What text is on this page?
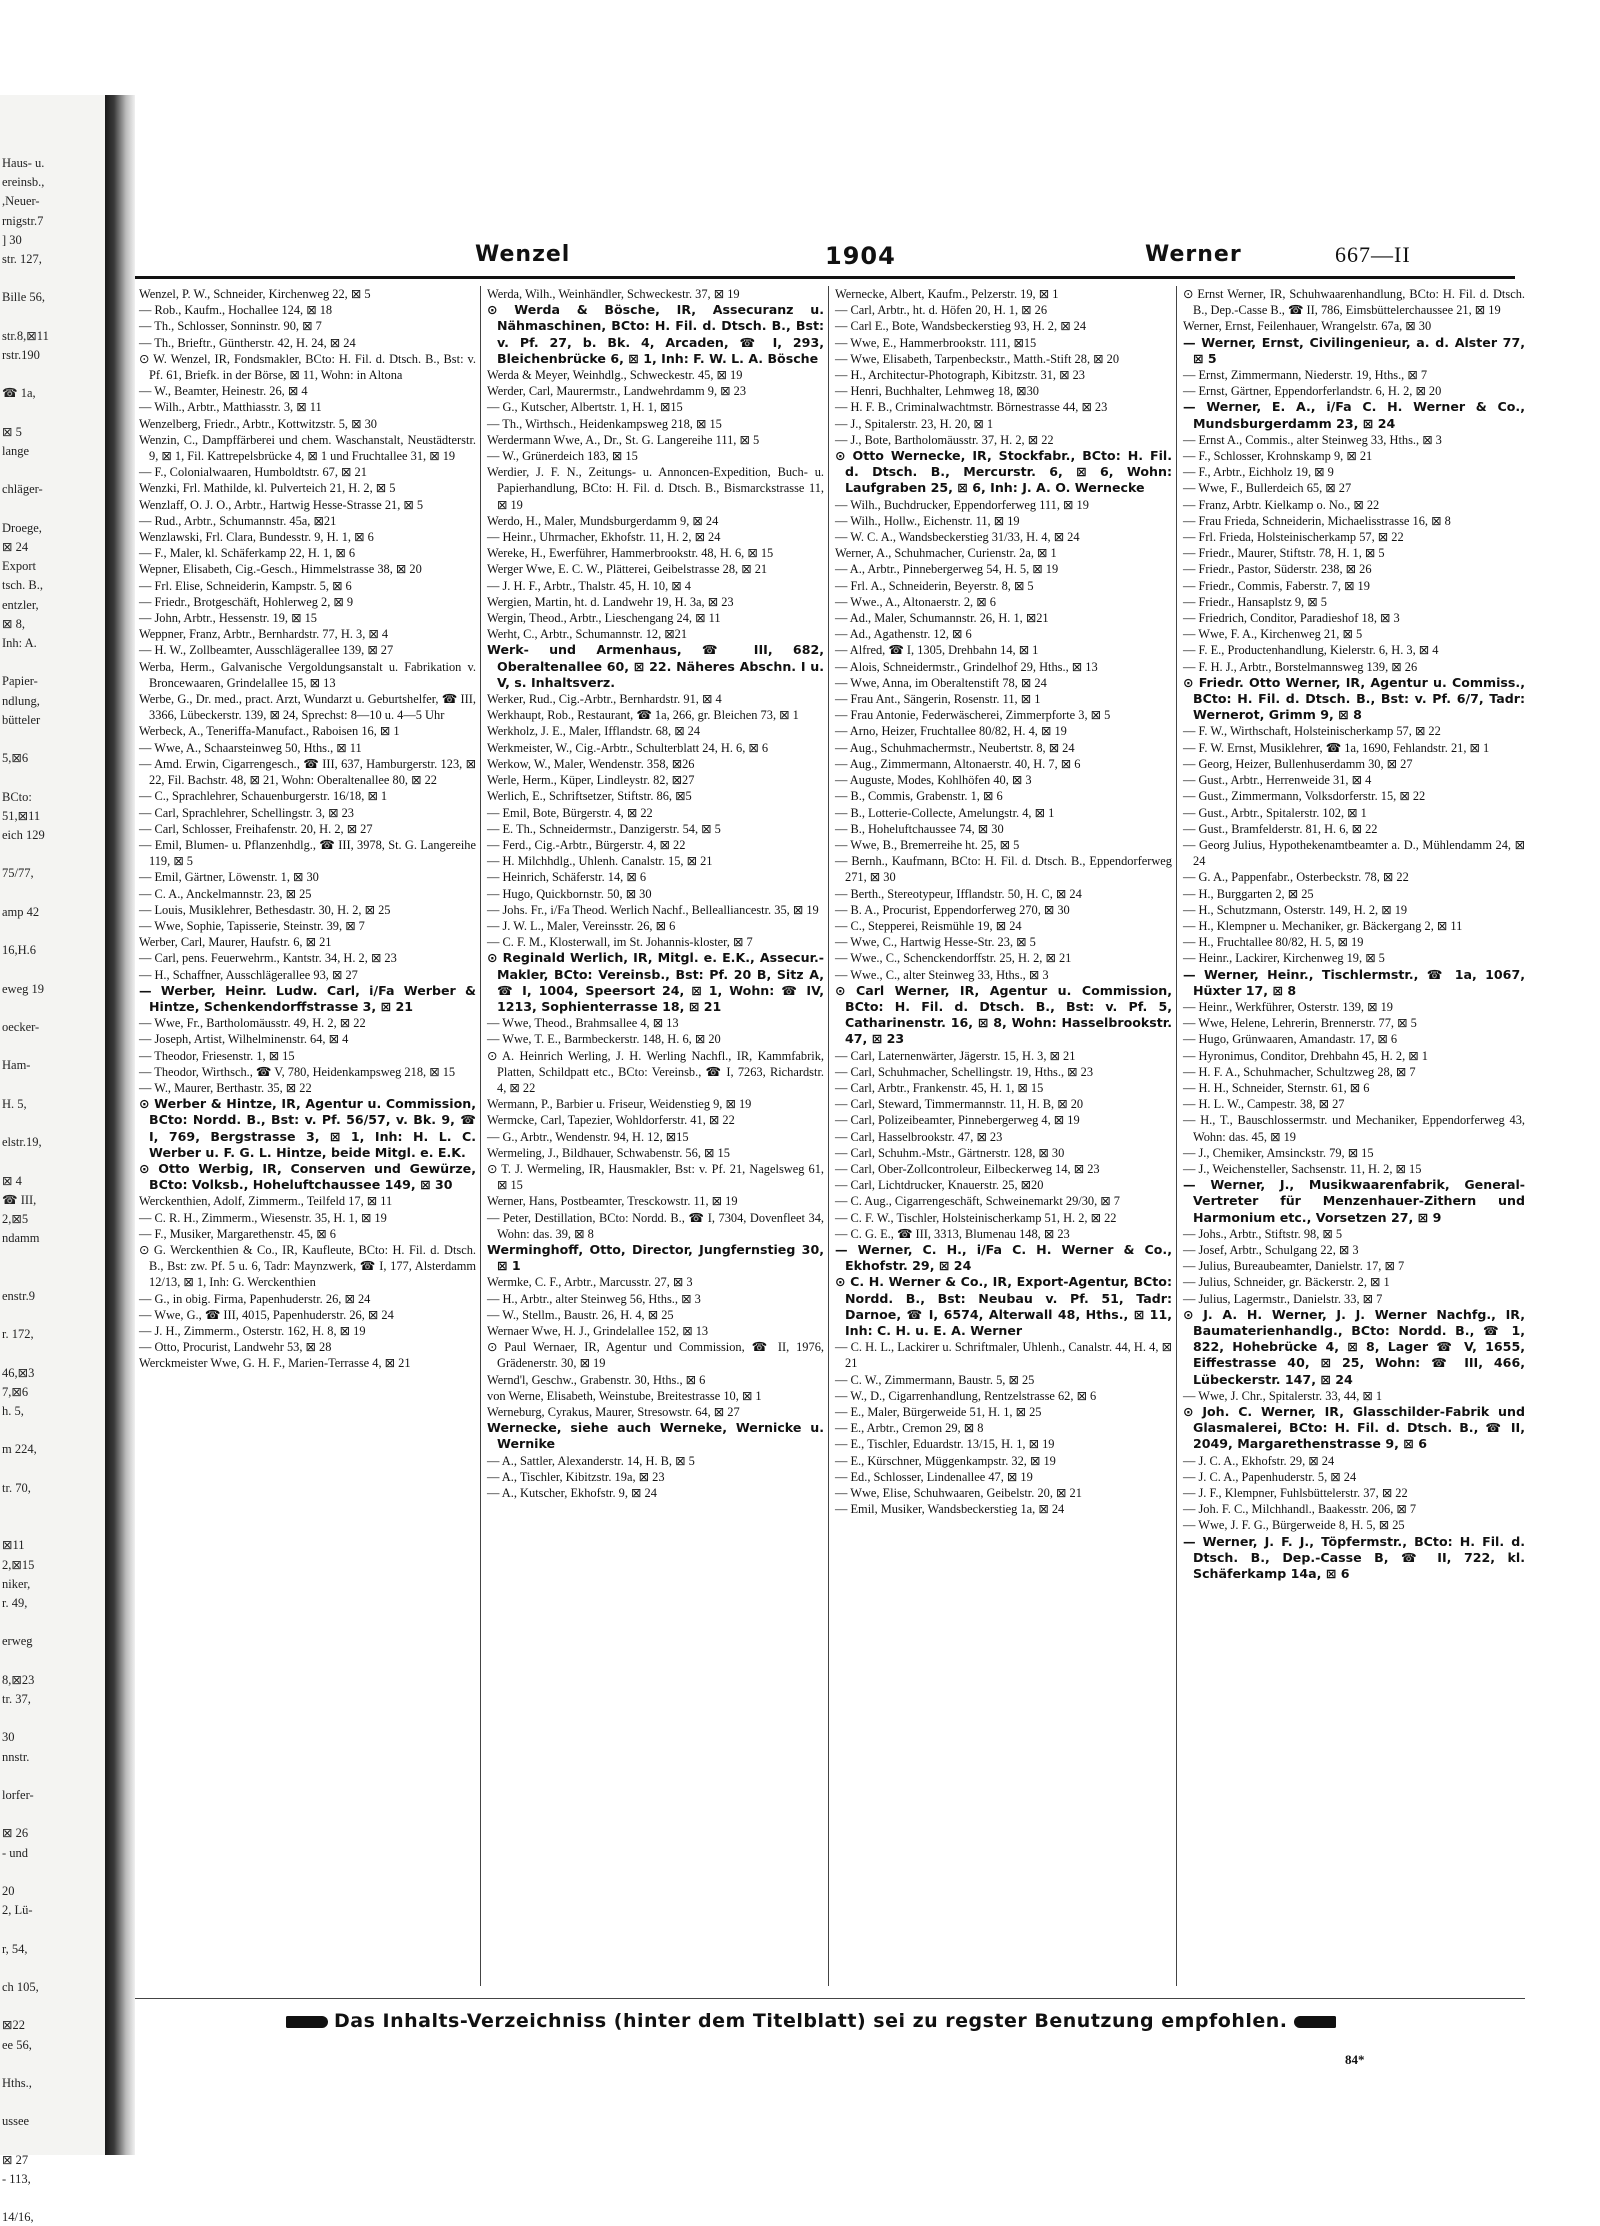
Haus- u.
ereinsb.,
,Neuer-
rnigstr.7
] 30
str. 127,
Bille 56,
str.8,⊠11
rstr.190
☎ 1a,
⊠ 5
lange
chläger-
Droege,
⊠ 24
Export
tsch. B.,
entzler,
⊠ 8,
Inh: A.
Papier-
ndlung,
bütteler
5,⊠6
BCto:
51,⊠11
eich 129
75/77,
amp 42
16,H.6
eweg 19
oecker-
Ham-
H. 5,
elstr.19,
⊠ 4
☎ III,
2,⊠5
ndamm
enstr.9
r. 172,
46,⊠3
7,⊠6
h. 5,
m 224,
tr. 70,
⊠11
2,⊠15
niker,
r. 49,
erweg
8,⊠23
tr. 37,
30
nnstr.
lorfer-
⊠ 26
- und
20
2, Lü-
r, 54,
ch 105,
⊠22
ee 56,
Hths.,
ussee
⊠ 27
- 113,
14/16,
Wenzel	1904	Werner	667—II
Wenzel, P. W., Schneider, Kirchenweg 22, ⊠ 5
— Rob., Kaufm., Hochallee 124, ⊠ 18
— Th., Schlosser, Sonninstr. 90, ⊠ 7
— Th., Brieftr., Güntherstr. 42, H. 24, ⊠ 24
⊙ W. Wenzel, IR, Fondsmakler, BCto: H. Fil. d. Dtsch. B., Bst: v. Pf. 61, Briefk. in der Börse, ⊠ 11, Wohn: in Altona
— W., Beamter, Heinestr. 26, ⊠ 4
— Wilh., Arbtr., Matthiasstr. 3, ⊠ 11
Wenzelberg, Friedr., Arbtr., Kottwitzstr. 5, ⊠ 30
Wenzin, C., Dampffärberei und chem. Waschanstalt, Neustädterstr. 9, ⊠ 1, Fil. Kattrepelsbrücke 4, ⊠ 1 und Fruchtallee 31, ⊠ 19
— F., Colonialwaaren, Humboldtstr. 67, ⊠ 21
Wenzki, Frl. Mathilde, kl. Pulverteich 21, H. 2, ⊠ 5
Wenzlaff, O. J. O., Arbtr., Hartwig Hesse-Strasse 21, ⊠ 5
— Rud., Arbtr., Schumannstr. 45a, ⊠21
Wenzlawski, Frl. Clara, Bundesstr. 9, H. 1, ⊠ 6
— F., Maler, kl. Schäferkamp 22, H. 1, ⊠ 6
Wepner, Elisabeth, Cig.-Gesch., Himmelstrasse 38, ⊠ 20
— Frl. Elise, Schneiderin, Kampstr. 5, ⊠ 6
— Friedr., Brotgeschäft, Hohlerweg 2, ⊠ 9
— John, Arbtr., Hessenstr. 19, ⊠ 15
Weppner, Franz, Arbtr., Bernhardstr. 77, H. 3, ⊠ 4
— H. W., Zollbeamter, Ausschlägerallee 139, ⊠ 27
Werba, Herm., Galvanische Vergoldungsanstalt u. Fabrikation v. Broncewaaren, Grindelallee 15, ⊠ 13
Werbe, G., Dr. med., pract. Arzt, Wundarzt u. Geburtshelfer, ☎ III, 3366, Lübeckerstr. 139, ⊠ 24, Sprechst: 8—10 u. 4—5 Uhr
Werbeck, A., Teneriffa-Manufact., Raboisen 16, ⊠ 1
— Wwe, A., Schaarsteinweg 50, Hths., ⊠ 11
— Amd. Erwin, Cigarrengesch., ☎ III, 637, Hamburgerstr. 123, ⊠ 22, Fil. Bachstr. 48, ⊠ 21, Wohn: Oberaltenallee 80, ⊠ 22
— C., Sprachlehrer, Schauenburgerstr. 16/18, ⊠ 1
— Carl, Sprachlehrer, Schellingstr. 3, ⊠ 23
— Carl, Schlosser, Freihafenstr. 20, H. 2, ⊠ 27
— Emil, Blumen- u. Pflanzenhdlg., ☎ III, 3978, St. G. Langereihe 119, ⊠ 5
— Emil, Gärtner, Löwenstr. 1, ⊠ 30
— C. A., Anckelmannstr. 23, ⊠ 25
— Louis, Musiklehrer, Bethesdastr. 30, H. 2, ⊠ 25
— Wwe, Sophie, Tapisserie, Steinstr. 39, ⊠ 7
Werber, Carl, Maurer, Haufstr. 6, ⊠ 21
— Carl, pens. Feuerwehrm., Kantstr. 34, H. 2, ⊠ 23
— H., Schaffner, Ausschlägerallee 93, ⊠ 27
— Werber, Heinr. Ludw. Carl, i/Fa Werber & Hintze, Schenkendorffstrasse 3, ⊠ 21
— Wwe, Fr., Bartholomäusstr. 49, H. 2, ⊠ 22
— Joseph, Artist, Wilhelminenstr. 64, ⊠ 4
— Theodor, Friesenstr. 1, ⊠ 15
— Theodor, Wirthsch., ☎ V, 780, Heidenkampsweg 218, ⊠ 15
— W., Maurer, Berthastr. 35, ⊠ 22
⊙ Werber & Hintze, IR, Agentur u. Commission, BCto: Nordd. B., Bst: v. Pf. 56/57, v. Bk. 9, ☎ I, 769, Bergstrasse 3, ⊠ 1, Inh: H. L. C. Werber u. F. G. L. Hintze, beide Mitgl. e. E.K.
⊙ Otto Werbig, IR, Conserven und Gewürze, BCto: Volksb., Hoheluftchaussee 149, ⊠ 30
Werckenthien, Adolf, Zimmerm., Teilfeld 17, ⊠ 11
— C. R. H., Zimmerm., Wiesenstr. 35, H. 1, ⊠ 19
— F., Musiker, Margarethenstr. 45, ⊠ 6
⊙ G. Werckenthien & Co., IR, Kaufleute, BCto: H. Fil. d. Dtsch. B., Bst: zw. Pf. 5 u. 6, Tadr: Maynzwerk, ☎ I, 177, Alsterdamm 12/13, ⊠ 1, Inh: G. Werckenthien
— G., in obig. Firma, Papenhuderstr. 26, ⊠ 24
— Wwe, G., ☎ III, 4015, Papenhuderstr. 26, ⊠ 24
— J. H., Zimmerm., Osterstr. 162, H. 8, ⊠ 19
— Otto, Procurist, Landwehr 53, ⊠ 28
Werckmeister Wwe, G. H. F., Marien-Terrasse 4, ⊠ 21
Werda, Wilh., Weinhändler, Schweckestr. 37, ⊠ 19
⊙ Werda & Bösche, IR, Assecuranz u. Nähmaschinen, BCto: H. Fil. d. Dtsch. B., Bst: v. Pf. 27, b. Bk. 4, Arcaden, ☎ I, 293, Bleichenbrücke 6, ⊠ 1, Inh: F. W. L. A. Bösche
Werda & Meyer, Weinhdlg., Schweckestr. 45, ⊠ 19
Werder, Carl, Maurermstr., Landwehrdamm 9, ⊠ 23
— G., Kutscher, Albertstr. 1, H. 1, ⊠15
— Th., Wirthsch., Heidenkampsweg 218, ⊠ 15
Werdermann Wwe, A., Dr., St. G. Langereihe 111, ⊠ 5
— W., Grünerdeich 183, ⊠ 15
Werdier, J. F. N., Zeitungs- u. Annoncen-Expedition, Buch- u. Papierhandlung, BCto: H. Fil. d. Dtsch. B., Bismarckstrasse 11, ⊠ 19
Werdo, H., Maler, Mundsburgerdamm 9, ⊠ 24
— Heinr., Uhrmacher, Ekhofstr. 11, H. 2, ⊠ 24
Wereke, H., Ewerführer, Hammerbrookstr. 48, H. 6, ⊠ 15
Werger Wwe, E. C. W., Plätterei, Geibelstrasse 28, ⊠ 21
— J. H. F., Arbtr., Thalstr. 45, H. 10, ⊠ 4
Wergien, Martin, ht. d. Landwehr 19, H. 3a, ⊠ 23
Wergin, Theod., Arbtr., Lieschengang 24, ⊠ 11
Werht, C., Arbtr., Schumannstr. 12, ⊠21
Werk- und Armenhaus, ☎ III, 682, Oberaltenallee 60, ⊠ 22. Näheres Abschn. I u. V, s. Inhaltsverz.
Werker, Rud., Cig.-Arbtr., Bernhardstr. 91, ⊠ 4
Werkhaupt, Rob., Restaurant, ☎ 1a, 266, gr. Bleichen 73, ⊠ 1
Werkholz, J. E., Maler, Ifflandstr. 68, ⊠ 24
Werkmeister, W., Cig.-Arbtr., Schulterblatt 24, H. 6, ⊠ 6
Werkow, W., Maler, Wendenstr. 358, ⊠26
Werle, Herm., Küper, Lindleystr. 82, ⊠27
Werlich, E., Schriftsetzer, Stiftstr. 86, ⊠5
— Emil, Bote, Bürgerstr. 4, ⊠ 22
— E. Th., Schneidermstr., Danzigerstr. 54, ⊠ 5
— Ferd., Cig.-Arbtr., Bürgerstr. 4, ⊠ 22
— H. Milchhdlg., Uhlenh. Canalstr. 15, ⊠ 21
— Heinrich, Schäferstr. 14, ⊠ 6
— Hugo, Quickbornstr. 50, ⊠ 30
— Johs. Fr., i/Fa Theod. Werlich Nachf., Bellealliancestr. 35, ⊠ 19
— J. W. L., Maler, Vereinsstr. 26, ⊠ 6
— C. F. M., Klosterwall, im St. Johannis-kloster, ⊠ 7
⊙ Reginald Werlich, IR, Mitgl. e. E.K., Assecur.-Makler, BCto: Vereinsb., Bst: Pf. 20 B, Sitz A, ☎ I, 1004, Speersort 24, ⊠ 1, Wohn: ☎ IV, 1213, Sophienterrasse 18, ⊠ 21
— Wwe, Theod., Brahmsallee 4, ⊠ 13
— Wwe, T. E., Barmbeckerstr. 148, H. 6, ⊠ 20
⊙ A. Heinrich Werling, J. H. Werling Nachfl., IR, Kammfabrik, Platten, Schildpatt etc., BCto: Vereinsb., ☎ I, 7263, Richardstr. 4, ⊠ 22
Wermann, P., Barbier u. Friseur, Weidenstieg 9, ⊠ 19
Wermcke, Carl, Tapezier, Wohldorferstr. 41, ⊠ 22
— G., Arbtr., Wendenstr. 94, H. 12, ⊠15
Wermeling, J., Bildhauer, Schwabenstr. 56, ⊠ 15
⊙ T. J. Wermeling, IR, Hausmakler, Bst: v. Pf. 21, Nagelsweg 61, ⊠ 15
Werner, Hans, Postbeamter, Tresckowstr. 11, ⊠ 19
— Peter, Destillation, BCto: Nordd. B., ☎ I, 7304, Dovenfleet 34, Wohn: das. 39, ⊠ 8
Werminghoff, Otto, Director, Jungfernstieg 30, ⊠ 1
Wermke, C. F., Arbtr., Marcusstr. 27, ⊠ 3
— H., Arbtr., alter Steinweg 56, Hths., ⊠ 3
— W., Stellm., Baustr. 26, H. 4, ⊠ 25
Wernaer Wwe, H. J., Grindelallee 152, ⊠ 13
⊙ Paul Wernaer, IR, Agentur und Commission, ☎ II, 1976, Grädenerstr. 30, ⊠ 19
Wernd'l, Geschw., Grabenstr. 30, Hths., ⊠ 6
von Werne, Elisabeth, Weinstube, Breitestrasse 10, ⊠ 1
Werneburg, Cyrakus, Maurer, Stresowstr. 64, ⊠ 27
Wernecke, siehe auch Werneke, Wernicke u. Wernike
— A., Sattler, Alexanderstr. 14, H. B, ⊠ 5
— A., Tischler, Kibitzstr. 19a, ⊠ 23
— A., Kutscher, Ekhofstr. 9, ⊠ 24
Wernecke, Albert, Kaufm., Pelzerstr. 19, ⊠ 1
— Carl, Arbtr., ht. d. Höfen 20, H. 1, ⊠ 26
— Carl E., Bote, Wandsbeckerstieg 93, H. 2, ⊠ 24
— Wwe, E., Hammerbrookstr. 111, ⊠15
— Wwe, Elisabeth, Tarpenbeckstr., Matth.-Stift 28, ⊠ 20
— H., Architectur-Photograph, Kibitzstr. 31, ⊠ 23
— Henri, Buchhalter, Lehmweg 18, ⊠30
— H. F. B., Criminalwachtmstr. Börnestrasse 44, ⊠ 23
— J., Spitalerstr. 23, H. 20, ⊠ 1
— J., Bote, Bartholomäusstr. 37, H. 2, ⊠ 22
⊙ Otto Wernecke, IR, Stockfabr., BCto: H. Fil. d. Dtsch. B., Mercurstr. 6, ⊠ 6, Wohn: Laufgraben 25, ⊠ 6, Inh: J. A. O. Wernecke
— Wilh., Buchdrucker, Eppendorferweg 111, ⊠ 19
— Wilh., Hollw., Eichenstr. 11, ⊠ 19
— W. C. A., Wandsbeckerstieg 31/33, H. 4, ⊠ 24
Werner, A., Schuhmacher, Curienstr. 2a, ⊠ 1
— A., Arbtr., Pinnebergerweg 54, H. 5, ⊠ 19
— Frl. A., Schneiderin, Beyerstr. 8, ⊠ 5
— Wwe., A., Altonaerstr. 2, ⊠ 6
— Ad., Maler, Schumannstr. 26, H. 1, ⊠21
— Ad., Agathenstr. 12, ⊠ 6
— Alfred, ☎ I, 1305, Drehbahn 14, ⊠ 1
— Alois, Schneidermstr., Grindelhof 29, Hths., ⊠ 13
— Wwe, Anna, im Oberaltenstift 78, ⊠ 24
— Frau Ant., Sängerin, Rosenstr. 11, ⊠ 1
— Frau Antonie, Federwäscherei, Zimmerpforte 3, ⊠ 5
— Arno, Heizer, Fruchtallee 80/82, H. 4, ⊠ 19
— Aug., Schuhmachermstr., Neubertstr. 8, ⊠ 24
— Aug., Zimmermann, Altonaerstr. 40, H. 7, ⊠ 6
— Auguste, Modes, Kohlhöfen 40, ⊠ 3
— B., Commis, Grabenstr. 1, ⊠ 6
— B., Lotterie-Collecte, Amelungstr. 4, ⊠ 1
— B., Hoheluftchaussee 74, ⊠ 30
— Wwe, B., Bremerreihe ht. 25, ⊠ 5
— Bernh., Kaufmann, BCto: H. Fil. d. Dtsch. B., Eppendorferweg 271, ⊠ 30
— Berth., Stereotypeur, Ifflandstr. 50, H. C, ⊠ 24
— B. A., Procurist, Eppendorferweg 270, ⊠ 30
— C., Stepperei, Reismühle 19, ⊠ 24
— Wwe, C., Hartwig Hesse-Str. 23, ⊠ 5
— Wwe., C., Schenckendorffstr. 25, H. 2, ⊠ 21
— Wwe., C., alter Steinweg 33, Hths., ⊠ 3
⊙ Carl Werner, IR, Agentur u. Commission, BCto: H. Fil. d. Dtsch. B., Bst: v. Pf. 5, Catharinenstr. 16, ⊠ 8, Wohn: Hasselbrookstr. 47, ⊠ 23
— Carl, Laternenwärter, Jägerstr. 15, H. 3, ⊠ 21
— Carl, Schuhmacher, Schellingstr. 19, Hths., ⊠ 23
— Carl, Arbtr., Frankenstr. 45, H. 1, ⊠ 15
— Carl, Steward, Timmermannstr. 11, H. B, ⊠ 20
— Carl, Polizeibeamter, Pinnebergerweg 4, ⊠ 19
— Carl, Hasselbrookstr. 47, ⊠ 23
— Carl, Schuhm.-Mstr., Gärtnerstr. 128, ⊠ 30
— Carl, Ober-Zollcontroleur, Eilbeckerweg 14, ⊠ 23
— Carl, Lichtdrucker, Knauerstr. 25, ⊠20
— C. Aug., Cigarrengeschäft, Schweinemarkt 29/30, ⊠ 7
— C. F. W., Tischler, Holsteinischerkamp 51, H. 2, ⊠ 22
— C. G. E., ☎ III, 3313, Blumenau 148, ⊠ 23
— Werner, C. H., i/Fa C. H. Werner & Co., Ekhofstr. 29, ⊠ 24
⊙ C. H. Werner & Co., IR, Export-Agentur, BCto: Nordd. B., Bst: Neubau v. Pf. 51, Tadr: Darnoe, ☎ I, 6574, Alterwall 48, Hths., ⊠ 11, Inh: C. H. u. E. A. Werner
— C. H. L., Lackirer u. Schriftmaler, Uhlenh., Canalstr. 44, H. 4, ⊠ 21
— C. W., Zimmermann, Baustr. 5, ⊠ 25
— W., D., Cigarrenhandlung, Rentzelstrasse 62, ⊠ 6
— E., Maler, Bürgerweide 51, H. 1, ⊠ 25
— E., Arbtr., Cremon 29, ⊠ 8
— E., Tischler, Eduardstr. 13/15, H. 1, ⊠ 19
— E., Kürschner, Müggenkampstr. 32, ⊠ 19
— Ed., Schlosser, Lindenallee 47, ⊠ 19
— Wwe, Elise, Schuhwaaren, Geibelstr. 20, ⊠ 21
— Emil, Musiker, Wandsbeckerstieg 1a, ⊠ 24
⊙ Ernst Werner, IR, Schuhwaarenhandlung, BCto: H. Fil. d. Dtsch. B., Dep.-Casse B., ☎ II, 786, Eimsbüttelerchaussee 21, ⊠ 19
Werner, Ernst, Feilenhauer, Wrangelstr. 67a, ⊠ 30
— Werner, Ernst, Civilingenieur, a. d. Alster 77, ⊠ 5
— Ernst, Zimmermann, Niederstr. 19, Hths., ⊠ 7
— Ernst, Gärtner, Eppendorferlandstr. 6, H. 2, ⊠ 20
— Werner, E. A., i/Fa C. H. Werner & Co., Mundsburgerdamm 23, ⊠ 24
— Ernst A., Commis., alter Steinweg 33, Hths., ⊠ 3
— F., Schlosser, Krohnskamp 9, ⊠ 21
— F., Arbtr., Eichholz 19, ⊠ 9
— Wwe, F., Bullerdeich 65, ⊠ 27
— Franz, Arbtr. Kielkamp o. No., ⊠ 22
— Frau Frieda, Schneiderin, Michaelisstrasse 16, ⊠ 8
— Frl. Frieda, Holsteinischerkamp 57, ⊠ 22
— Friedr., Maurer, Stiftstr. 78, H. 1, ⊠ 5
— Friedr., Pastor, Süderstr. 238, ⊠ 26
— Friedr., Commis, Faberstr. 7, ⊠ 19
— Friedr., Hansaplstz 9, ⊠ 5
— Friedrich, Conditor, Paradieshof 18, ⊠ 3
— Wwe, F. A., Kirchenweg 21, ⊠ 5
— F. E., Productenhandlung, Kielerstr. 6, H. 3, ⊠ 4
— F. H. J., Arbtr., Borstelmannsweg 139, ⊠ 26
⊙ Friedr. Otto Werner, IR, Agentur u. Commiss., BCto: H. Fil. d. Dtsch. B., Bst: v. Pf. 6/7, Tadr: Wernerot, Grimm 9, ⊠ 8
— F. W., Wirthschaft, Holsteinischerkamp 57, ⊠ 22
— F. W. Ernst, Musiklehrer, ☎ 1a, 1690, Fehlandstr. 21, ⊠ 1
— Georg, Heizer, Bullenhuserdamm 30, ⊠ 27
— Gust., Arbtr., Herrenweide 31, ⊠ 4
— Gust., Zimmermann, Volksdorferstr. 15, ⊠ 22
— Gust., Arbtr., Spitalerstr. 102, ⊠ 1
— Gust., Bramfelderstr. 81, H. 6, ⊠ 22
— Georg Julius, Hypothekenamtbeamter a. D., Mühlendamm 24, ⊠ 24
— G. A., Pappenfabr., Osterbeckstr. 78, ⊠ 22
— H., Burggarten 2, ⊠ 25
— H., Schutzmann, Osterstr. 149, H. 2, ⊠ 19
— H., Klempner u. Mechaniker, gr. Bäckergang 2, ⊠ 11
— H., Fruchtallee 80/82, H. 5, ⊠ 19
— Heinr., Lackirer, Kirchenweg 19, ⊠ 5
— Werner, Heinr., Tischlermstr., ☎ 1a, 1067, Hüxter 17, ⊠ 8
— Heinr., Werkführer, Osterstr. 139, ⊠ 19
— Wwe, Helene, Lehrerin, Brennerstr. 77, ⊠ 5
— Hugo, Grünwaaren, Amandastr. 17, ⊠ 6
— Hyronimus, Conditor, Drehbahn 45, H. 2, ⊠ 1
— H. F. A., Schuhmacher, Schultzweg 28, ⊠ 7
— H. H., Schneider, Sternstr. 61, ⊠ 6
— H. L. W., Campestr. 38, ⊠ 27
— H., T., Bauschlossermstr. und Mechaniker, Eppendorferweg 43, Wohn: das. 45, ⊠ 19
— J., Chemiker, Amsinckstr. 79, ⊠ 15
— J., Weichensteller, Sachsenstr. 11, H. 2, ⊠ 15
— Werner, J., Musikwaarenfabrik, General-Vertreter für Menzenhauer-Zithern und Harmonium etc., Vorsetzen 27, ⊠ 9
— Johs., Arbtr., Stiftstr. 98, ⊠ 5
— Josef, Arbtr., Schulgang 22, ⊠ 3
— Julius, Bureaubeamter, Danielstr. 17, ⊠ 7
— Julius, Schneider, gr. Bäckerstr. 2, ⊠ 1
— Julius, Lagermstr., Danielstr. 33, ⊠ 7
⊙ J. A. H. Werner, J. J. Werner Nachfg., IR, Baumaterienhandlg., BCto: Nordd. B., ☎ 1, 822, Hohebrücke 4, ⊠ 8, Lager ☎ V, 1655, Eiffestrasse 40, ⊠ 25, Wohn: ☎ III, 466, Lübeckerstr. 147, ⊠ 24
— Wwe, J. Chr., Spitalerstr. 33, 44, ⊠ 1
⊙ Joh. C. Werner, IR, Glasschilder-Fabrik und Glasmalerei, BCto: H. Fil. d. Dtsch. B., ☎ II, 2049, Margarethenstrasse 9, ⊠ 6
— J. C. A., Ekhofstr. 29, ⊠ 24
— J. C. A., Papenhuderstr. 5, ⊠ 24
— J. F., Klempner, Fuhlsbüttelerstr. 37, ⊠ 22
— Joh. F. C., Milchhandl., Baakesstr. 206, ⊠ 7
— Wwe, J. F. G., Bürgerweide 8, H. 5, ⊠ 25
— Werner, J. F. J., Töpfermstr., BCto: H. Fil. d. Dtsch. B., Dep.-Casse B, ☎ II, 722, kl. Schäferkamp 14a, ⊠ 6
Das Inhalts-Verzeichniss (hinter dem Titelblatt) sei zu regster Benutzung empfohlen.
84*
